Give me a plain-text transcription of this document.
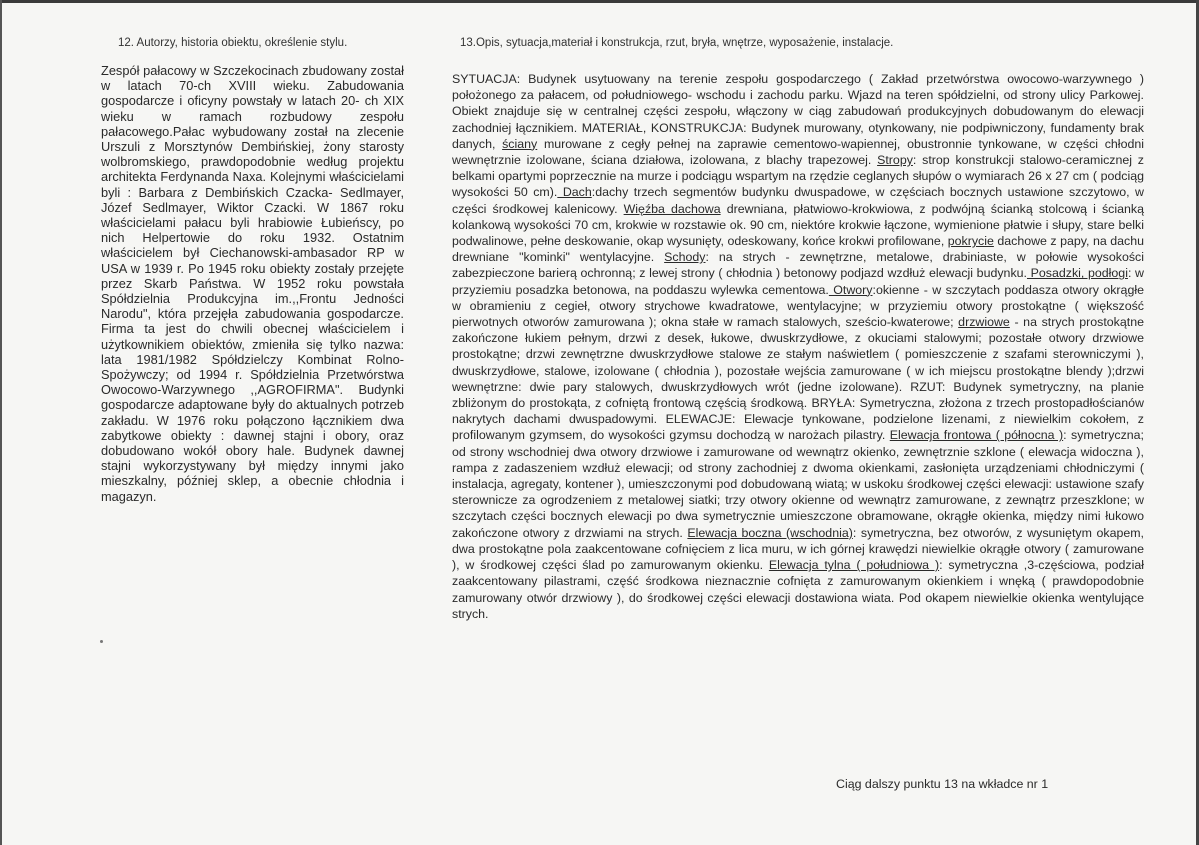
12. Autorzy, historia obiektu, określenie stylu.	13.Opis, sytuacja,materiał i konstrukcja, rzut, bryła, wnętrze, wyposażenie, instalacje.

Zespół pałacowy w Szczekocinach zbudowany został w latach 70-ch XVIII wieku. Zabudowania gospodarcze i oficyny powstały w latach 20- ch XIX wieku w ramach rozbudowy zespołu pałacowego.Pałac wybudowany został na zlecenie Urszuli z Morsztynów Dembińskiej, żony starosty wolbromskiego, prawdopodobnie według projektu architekta Ferdynanda Naxa. Kolejnymi właścicielami byli : Barbara z Dembińskich Czacka- Sedlmayer, Józef Sedlmayer, Wiktor Czacki. W 1867 roku właścicielami pałacu byli hrabiowie Łubieńscy, po nich Helpertowie do roku 1932. Ostatnim właścicielem był Ciechanowski-ambasador RP w USA w 1939 r. Po 1945 roku obiekty zostały przejęte przez Skarb Państwa. W 1952 roku powstała Spółdzielnia Produkcyjna im.,,Frontu Jedności Narodu", która przejęła zabudowania gospodarcze. Firma ta jest do chwili obecnej właścicielem i użytkownikiem obiektów, zmieniła się tylko nazwa: lata 1981/1982 Spółdzielczy Kombinat Rolno- Spożywczy; od 1994 r. Spółdzielnia Przetwórstwa Owocowo-Warzywnego ,,AGROFIRMA". Budynki gospodarcze adaptowane były do aktualnych potrzeb zakładu. W 1976 roku połączono łącznikiem dwa zabytkowe obiekty : dawnej stajni i obory, oraz dobudowano wokół obory hale. Budynek dawnej stajni wykorzystywany był między innymi jako mieszkalny, później sklep, a obecnie chłodnia i magazyn.

SYTUACJA: Budynek usytuowany na terenie zespołu gospodarczego ( Zakład przetwórstwa owocowo-warzywnego ) położonego za pałacem, od południowego- wschodu i zachodu parku. Wjazd na teren spółdzielni, od strony ulicy Parkowej. Obiekt znajduje się w centralnej części zespołu, włączony w ciąg zabudowań produkcyjnych dobudowanym do elewacji zachodniej łącznikiem. MATERIAŁ, KONSTRUKCJA: Budynek murowany, otynkowany, nie podpiwniczony, fundamenty brak danych, ściany murowane z cegły pełnej na zaprawie cementowo-wapiennej, obustronnie tynkowane, w części chłodni wewnętrznie izolowane, ściana działowa, izolowana, z blachy trapezowej. Stropy: strop konstrukcji stalowo-ceramicznej z belkami opartymi poprzecznie na murze i podciągu wspartym na rzędzie ceglanych słupów o wymiarach 26 x 27 cm ( podciąg wysokości 50 cm). Dach:dachy trzech segmentów budynku dwuspadowe, w częściach bocznych ustawione szczytowo, w części środkowej kalenicowy. Więźba dachowa drewniana, płatwiowo-krokwiowa, z podwójną ścianką stolcową i ścianką kolankową wysokości 70 cm, krokwie w rozstawie ok. 90 cm, niektóre krokwie łączone, wymienione płatwie i słupy, stare belki podwalinowe, pełne deskowanie, okap wysunięty, odeskowany, końce krokwi profilowane, pokrycie dachowe z papy, na dachu drewniane "kominki" wentylacyjne. Schody: na strych - zewnętrzne, metalowe, drabiniaste, w połowie wysokości zabezpieczone barierą ochronną; z lewej strony ( chłodnia ) betonowy podjazd wzdłuż elewacji budynku. Posadzki, podłogi: w przyziemiu posadzka betonowa, na poddaszu wylewka cementowa. Otwory:okienne - w szczytach poddasza otwory okrągłe w obramieniu z cegieł, otwory strychowe kwadratowe, wentylacyjne; w przyziemiu otwory prostokątne ( większość pierwotnych otworów zamurowana ); okna stałe w ramach stalowych, sześcio-kwaterowe; drzwiowe - na strych prostokątne zakończone łukiem pełnym, drzwi z desek, łukowe, dwuskrzydłowe, z okuciami stalowymi; pozostałe otwory drzwiowe prostokątne; drzwi zewnętrzne dwuskrzydłowe stalowe ze stałym naświetlem ( pomieszczenie z szafami sterowniczymi ), dwuskrzydłowe, stalowe, izolowane ( chłodnia ), pozostałe wejścia zamurowane ( w ich miejscu prostokątne blendy );drzwi wewnętrzne: dwie pary stalowych, dwuskrzydłowych wrót (jedne izolowane). RZUT: Budynek symetryczny, na planie zbliżonym do prostokąta, z cofniętą frontową częścią środkową. BRYŁA: Symetryczna, złożona z trzech prostopadłościanów nakrytych dachami dwuspadowymi. ELEWACJE: Elewacje tynkowane, podzielone lizenami, z niewielkim cokołem, z profilowanym gzymsem, do wysokości gzymsu dochodzą w narożach pilastry. Elewacja frontowa ( północna ): symetryczna; od strony wschodniej dwa otwory drzwiowe i zamurowane od wewnątrz okienko, zewnętrznie szklone ( elewacja widoczna ), rampa z zadaszeniem wzdłuż elewacji; od strony zachodniej z dwoma okienkami, zasłonięta urządzeniami chłodniczymi ( instalacja, agregaty, kontener ), umieszczonymi pod dobudowaną wiatą; w uskoku środkowej części elewacji: ustawione szafy sterownicze za ogrodzeniem z metalowej siatki; trzy otwory okienne od wewnątrz zamurowane, z zewnątrz przeszklone; w szczytach części bocznych elewacji po dwa symetrycznie umieszczone obramowane, okrągłe okienka, między nimi łukowo zakończone otwory z drzwiami na strych. Elewacja boczna (wschodnia): symetryczna, bez otworów, z wysuniętym okapem, dwa prostokątne pola zaakcentowane cofnięciem z lica muru, w ich górnej krawędzi niewielkie okrągłe otwory ( zamurowane ), w środkowej części ślad po zamurowanym okienku. Elewacja tylna ( południowa ): symetryczna ,3-częściowa, podział zaakcentowany pilastrami, część środkowa nieznacznie cofnięta z zamurowanym okienkiem i wnęką ( prawdopodobnie zamurowany otwór drzwiowy ), do środkowej części elewacji dostawiona wiata. Pod okapem niewielkie okienka wentylujące strych.

Ciąg dalszy punktu 13 na wkładce nr 1
